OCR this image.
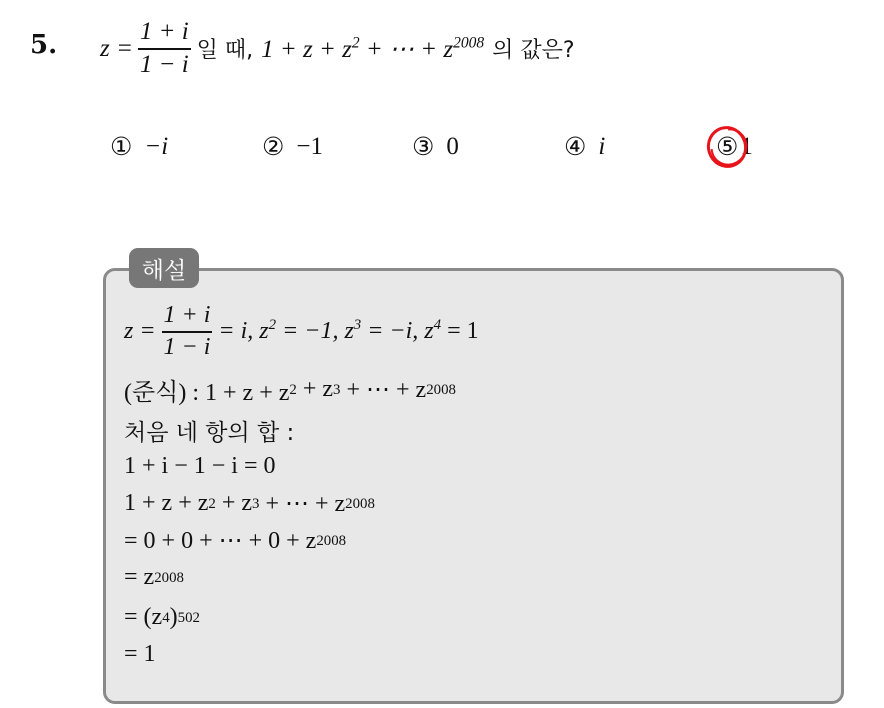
5. $z = \frac{1 + i}{1 - i}$ 일 때, $1 + z + z^2$ + ⋯ + $z^{2008}$ 의 값은?
① −i	② −1	③ 0	④ i	⑤ 1
해설
$z = \frac{1 + i}{1 - i} = i$, $z^2 = -1$, $z^3 = -i$, $z^4 = 1$
(준식) : 1 + z + z 2
+ z 3
+ ⋯ + z 2008
처음 네 항의 합 :
1 + i − 1 − i = 0
1 + z + z 2
+ z 3
+ ⋯ + z 2008
= 0 + 0 + ⋯ + 0 + z 2008
= z 2008
= (z 4 ) 502
= 1
